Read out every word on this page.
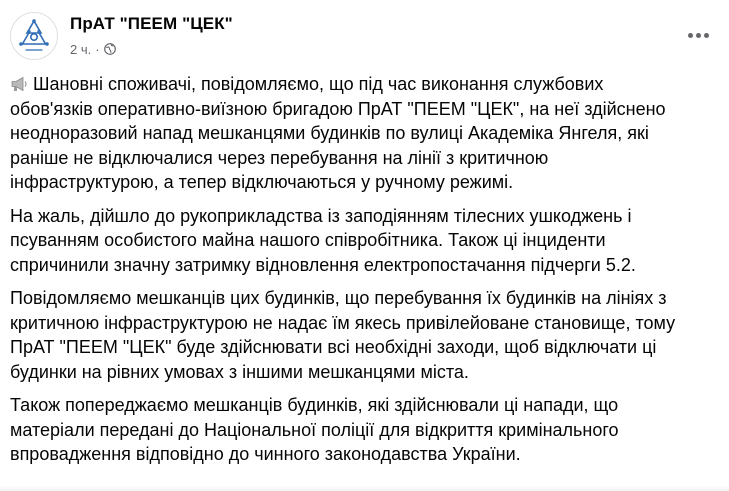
ПрАТ "ПЕЕМ "ЦЕК"
2 ч. ·
Шановні споживачі, повідомляємо, що під час виконання службових
обов'язків оперативно-виїзною бригадою ПрАТ "ПЕЕМ "ЦЕК", на неї здійснено
неодноразовий напад мешканцями будинків по вулиці Академіка Янгеля, які
раніше не відключалися через перебування на лінії з критичною
інфраструктурою, а тепер відключаються у ручному режимі.
На жаль, дійшло до рукоприкладства із заподіянням тілесних ушкоджень і
псуванням особистого майна нашого співробітника. Також ці інциденти
спричинили значну затримку відновлення електропостачання підчерги 5.2.
Повідомляємо мешканців цих будинків, що перебування їх будинків на лініях з
критичною інфраструктурою не надає їм якесь привілейоване становище, тому
ПрАТ "ПЕЕМ "ЦЕК" буде здійснювати всі необхідні заходи, щоб відключати ці
будинки на рівних умовах з іншими мешканцями міста.
Також попереджаємо мешканців будинків, які здійснювали ці напади, що
матеріали передані до Національної поліції для відкриття кримінального
впровадження відповідно до чинного законодавства України.
